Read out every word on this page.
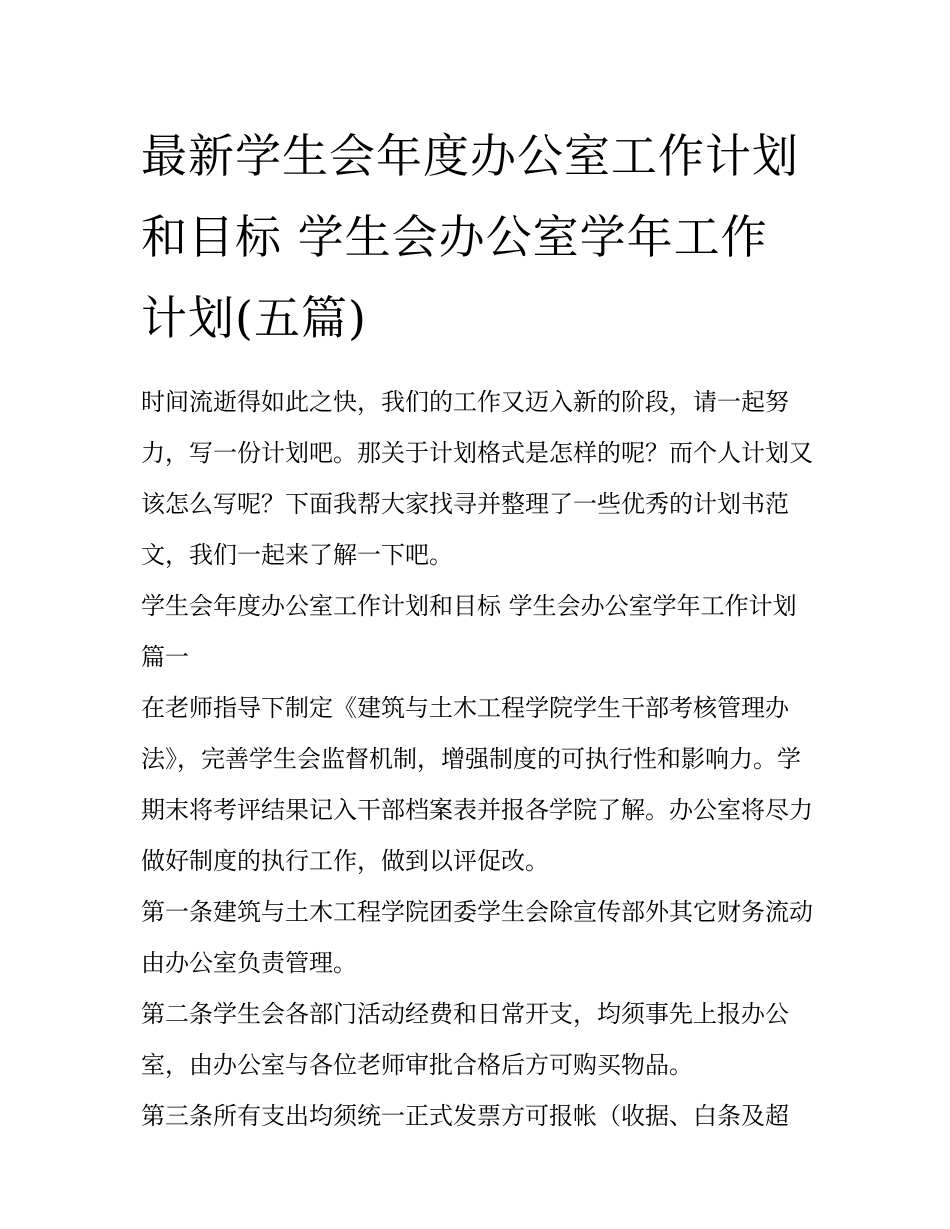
最新学生会年度办公室工作计划和目标 学生会办公室学年工作计划(五篇)

时间流逝得如此之快，我们的工作又迈入新的阶段，请一起努力，写一份计划吧。那关于计划格式是怎样的呢？而个人计划又该怎么写呢？下面我帮大家找寻并整理了一些优秀的计划书范文，我们一起来了解一下吧。

学生会年度办公室工作计划和目标 学生会办公室学年工作计划篇一

在老师指导下制定《建筑与土木工程学院学生干部考核管理办法》，完善学生会监督机制，增强制度的可执行性和影响力。学期末将考评结果记入干部档案表并报各学院了解。办公室将尽力做好制度的执行工作，做到以评促改。

第一条建筑与土木工程学院团委学生会除宣传部外其它财务流动由办公室负责管理。

第二条学生会各部门活动经费和日常开支，均须事先上报办公室，由办公室与各位老师审批合格后方可购买物品。

第三条所有支出均须统一正式发票方可报帐（收据、白条及超
